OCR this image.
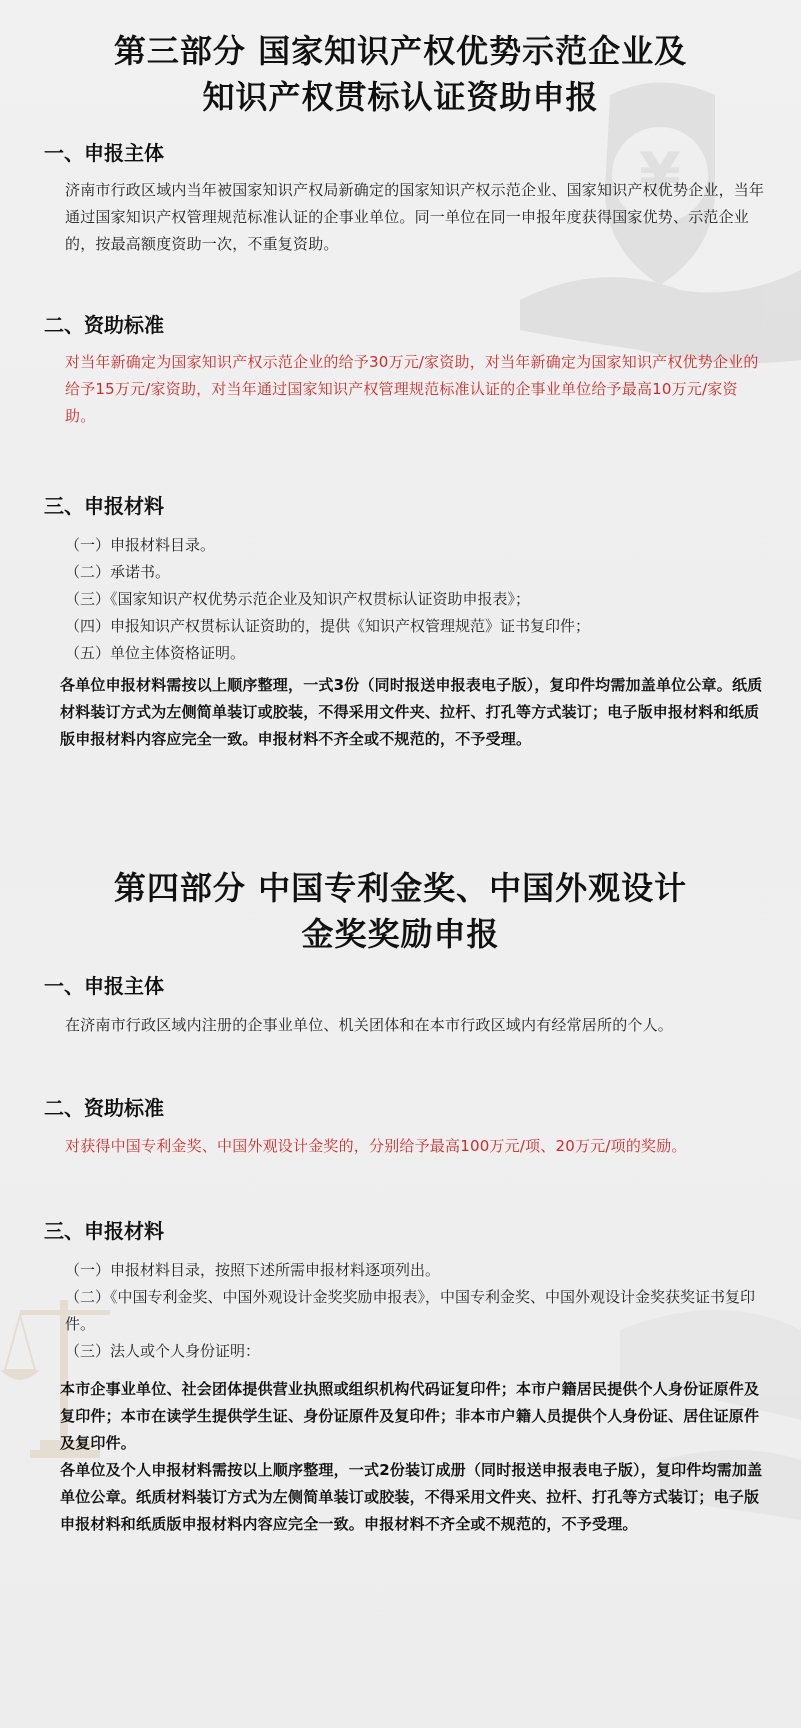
¥
第三部分 国家知识产权优势示范企业及
知识产权贯标认证资助申报
一、申报主体
济南市行政区域内当年被国家知识产权局新确定的国家知识产权示范企业、国家知识产权优势企业，当年通过国家知识产权管理规范标准认证的企事业单位。同一单位在同一申报年度获得国家优势、示范企业的，按最高额度资助一次，不重复资助。
二、资助标准
对当年新确定为国家知识产权示范企业的给予30万元/家资助，对当年新确定为国家知识产权优势企业的给予15万元/家资助，对当年通过国家知识产权管理规范标准认证的企事业单位给予最高10万元/家资助。
三、申报材料
（一）申报材料目录。
（二）承诺书。
（三）《国家知识产权优势示范企业及知识产权贯标认证资助申报表》；
（四）申报知识产权贯标认证资助的，提供《知识产权管理规范》证书复印件；
（五）单位主体资格证明。
各单位申报材料需按以上顺序整理，一式3份（同时报送申报表电子版），复印件均需加盖单位公章。纸质材料装订方式为左侧简单装订或胶装，不得采用文件夹、拉杆、打孔等方式装订；电子版申报材料和纸质版申报材料内容应完全一致。申报材料不齐全或不规范的，不予受理。
第四部分 中国专利金奖、中国外观设计
金奖奖励申报
一、申报主体
在济南市行政区域内注册的企事业单位、机关团体和在本市行政区域内有经常居所的个人。
二、资助标准
对获得中国专利金奖、中国外观设计金奖的，分别给予最高100万元/项、20万元/项的奖励。
三、申报材料
（一）申报材料目录，按照下述所需申报材料逐项列出。
（二）《中国专利金奖、中国外观设计金奖奖励申报表》，中国专利金奖、中国外观设计金奖获奖证书复印件。
（三）法人或个人身份证明：
本市企事业单位、社会团体提供营业执照或组织机构代码证复印件；本市户籍居民提供个人身份证原件及复印件；本市在读学生提供学生证、身份证原件及复印件；非本市户籍人员提供个人身份证、居住证原件及复印件。
各单位及个人申报材料需按以上顺序整理，一式2份装订成册（同时报送申报表电子版），复印件均需加盖单位公章。纸质材料装订方式为左侧简单装订或胶装，不得采用文件夹、拉杆、打孔等方式装订；电子版申报材料和纸质版申报材料内容应完全一致。申报材料不齐全或不规范的，不予受理。
